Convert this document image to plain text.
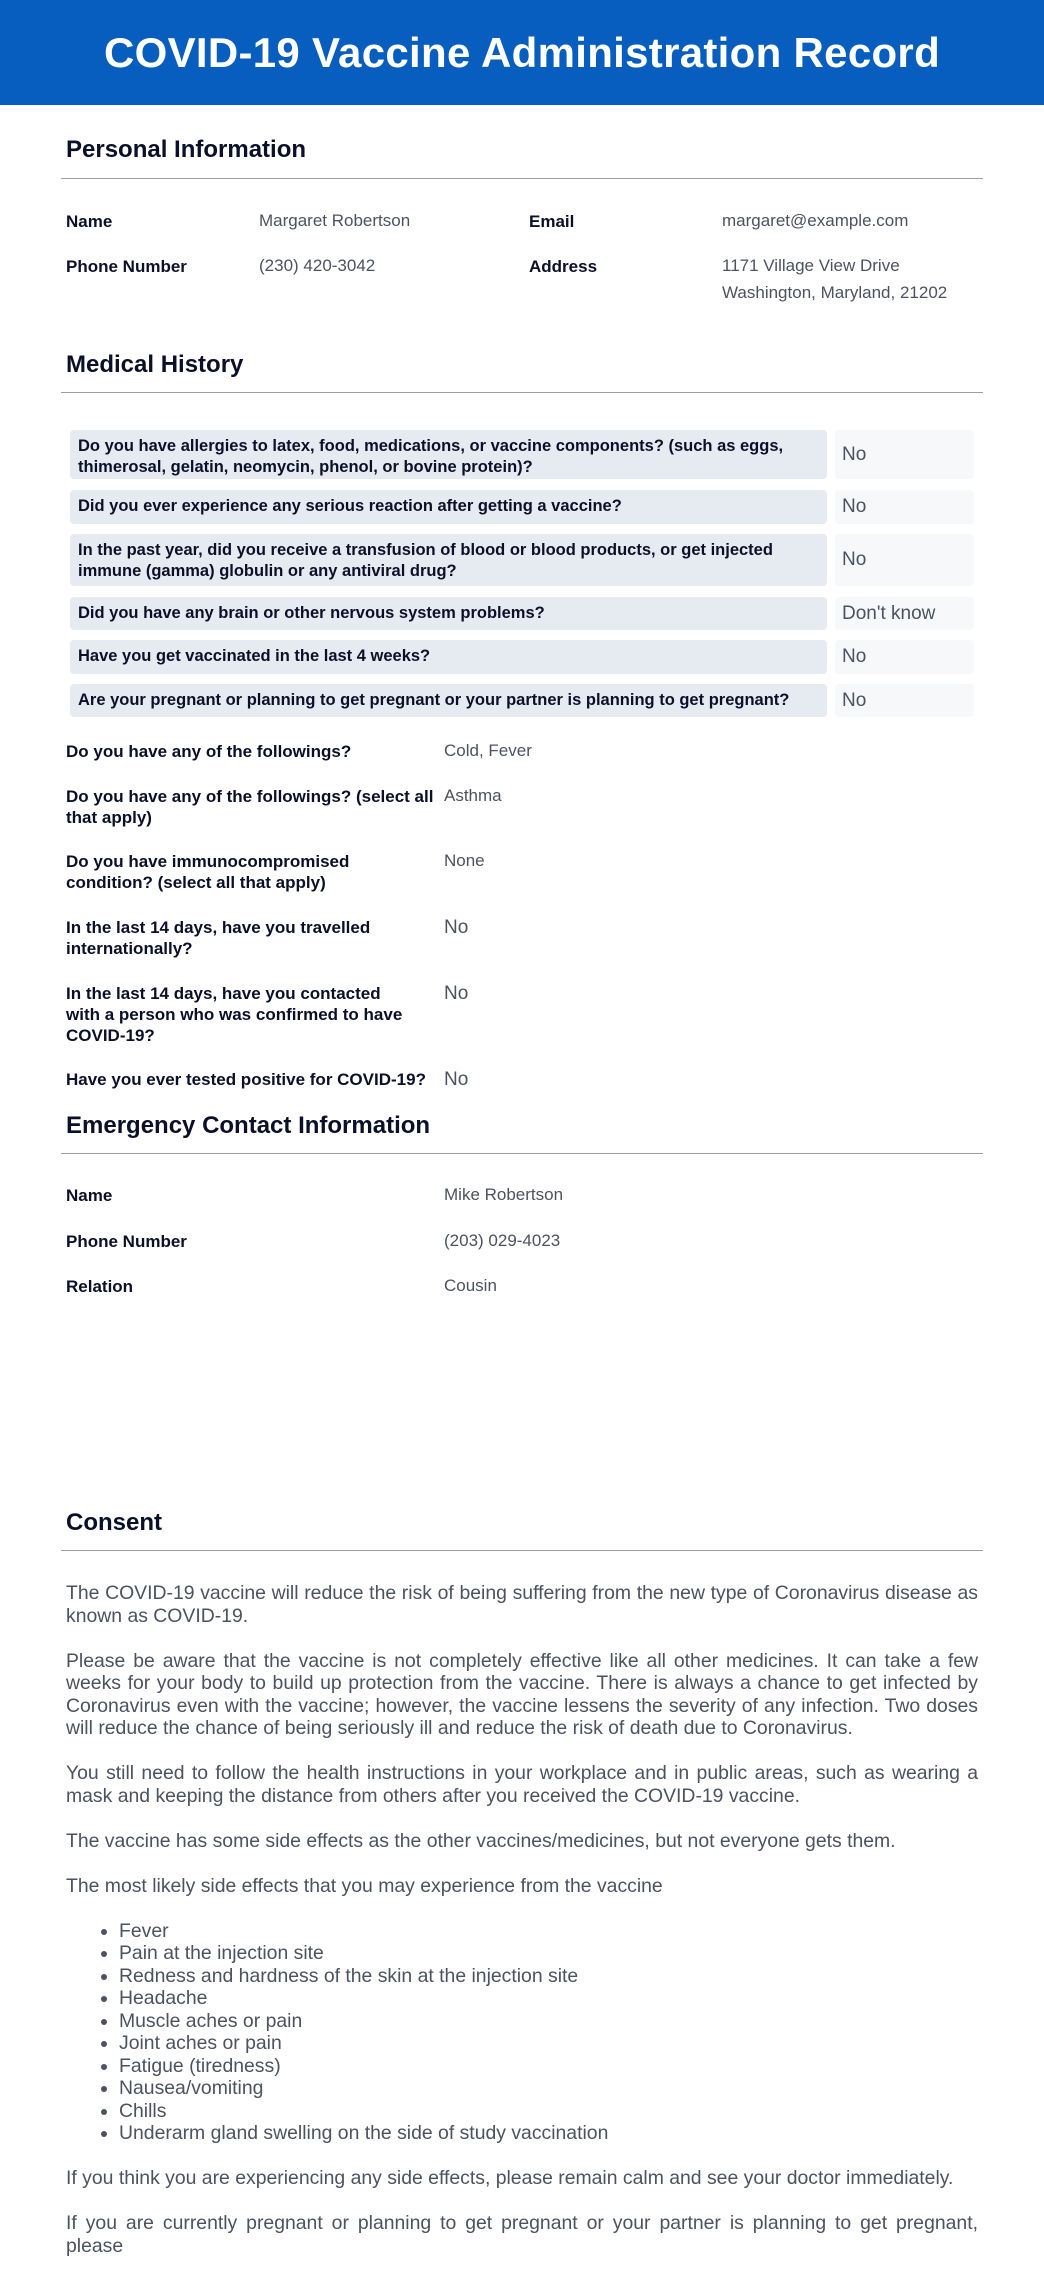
COVID-19 Vaccine Administration Record
Personal Information
Name	Margaret Robertson	Email	margaret@example.com
Phone Number	(230) 420-3042	Address	1171 Village View Drive
Washington, Maryland, 21202
Medical History
Do you have allergies to latex, food, medications, or vaccine components? (such as eggs, thimerosal, gelatin, neomycin, phenol, or bovine protein)?
No
Did you ever experience any serious reaction after getting a vaccine?	No
In the past year, did you receive a transfusion of blood or blood products, or get injected immune (gamma) globulin or any antiviral drug?
No
Did you have any brain or other nervous system problems?	Don't know
Have you get vaccinated in the last 4 weeks?	No
Are your pregnant or planning to get pregnant or your partner is planning to get pregnant?	No
Do you have any of the followings?	Cold, Fever
Do you have any of the followings? (select all that apply)
Asthma
Do you have immunocompromised condition? (select all that apply)
None
In the last 14 days, have you travelled internationally?
No
In the last 14 days, have you contacted with a person who was confirmed to have COVID-19?
No
Have you ever tested positive for COVID-19? No
Emergency Contact Information
Name	Mike Robertson
Phone Number	(203) 029-4023
Relation	Cousin
Consent

The COVID-19 vaccine will reduce the risk of being suffering from the new type of Coronavirus disease as known as COVID-19.

Please be aware that the vaccine is not completely effective like all other medicines. It can take a few weeks for your body to build up protection from the vaccine. There is always a chance to get infected by Coronavirus even with the vaccine; however, the vaccine lessens the severity of any infection. Two doses will reduce the chance of being seriously ill and reduce the risk of death due to Coronavirus.

You still need to follow the health instructions in your workplace and in public areas, such as wearing a mask and keeping the distance from others after you received the COVID-19 vaccine.

The vaccine has some side effects as the other vaccines/medicines, but not everyone gets them.

The most likely side effects that you may experience from the vaccine

• Fever
• Pain at the injection site
• Redness and hardness of the skin at the injection site
• Headache
• Muscle aches or pain
• Joint aches or pain
• Fatigue (tiredness)
• Nausea/vomiting
• Chills
• Underarm gland swelling on the side of study vaccination

If you think you are experiencing any side effects, please remain calm and see your doctor immediately.

If you are currently pregnant or planning to get pregnant or your partner is planning to get pregnant, please
